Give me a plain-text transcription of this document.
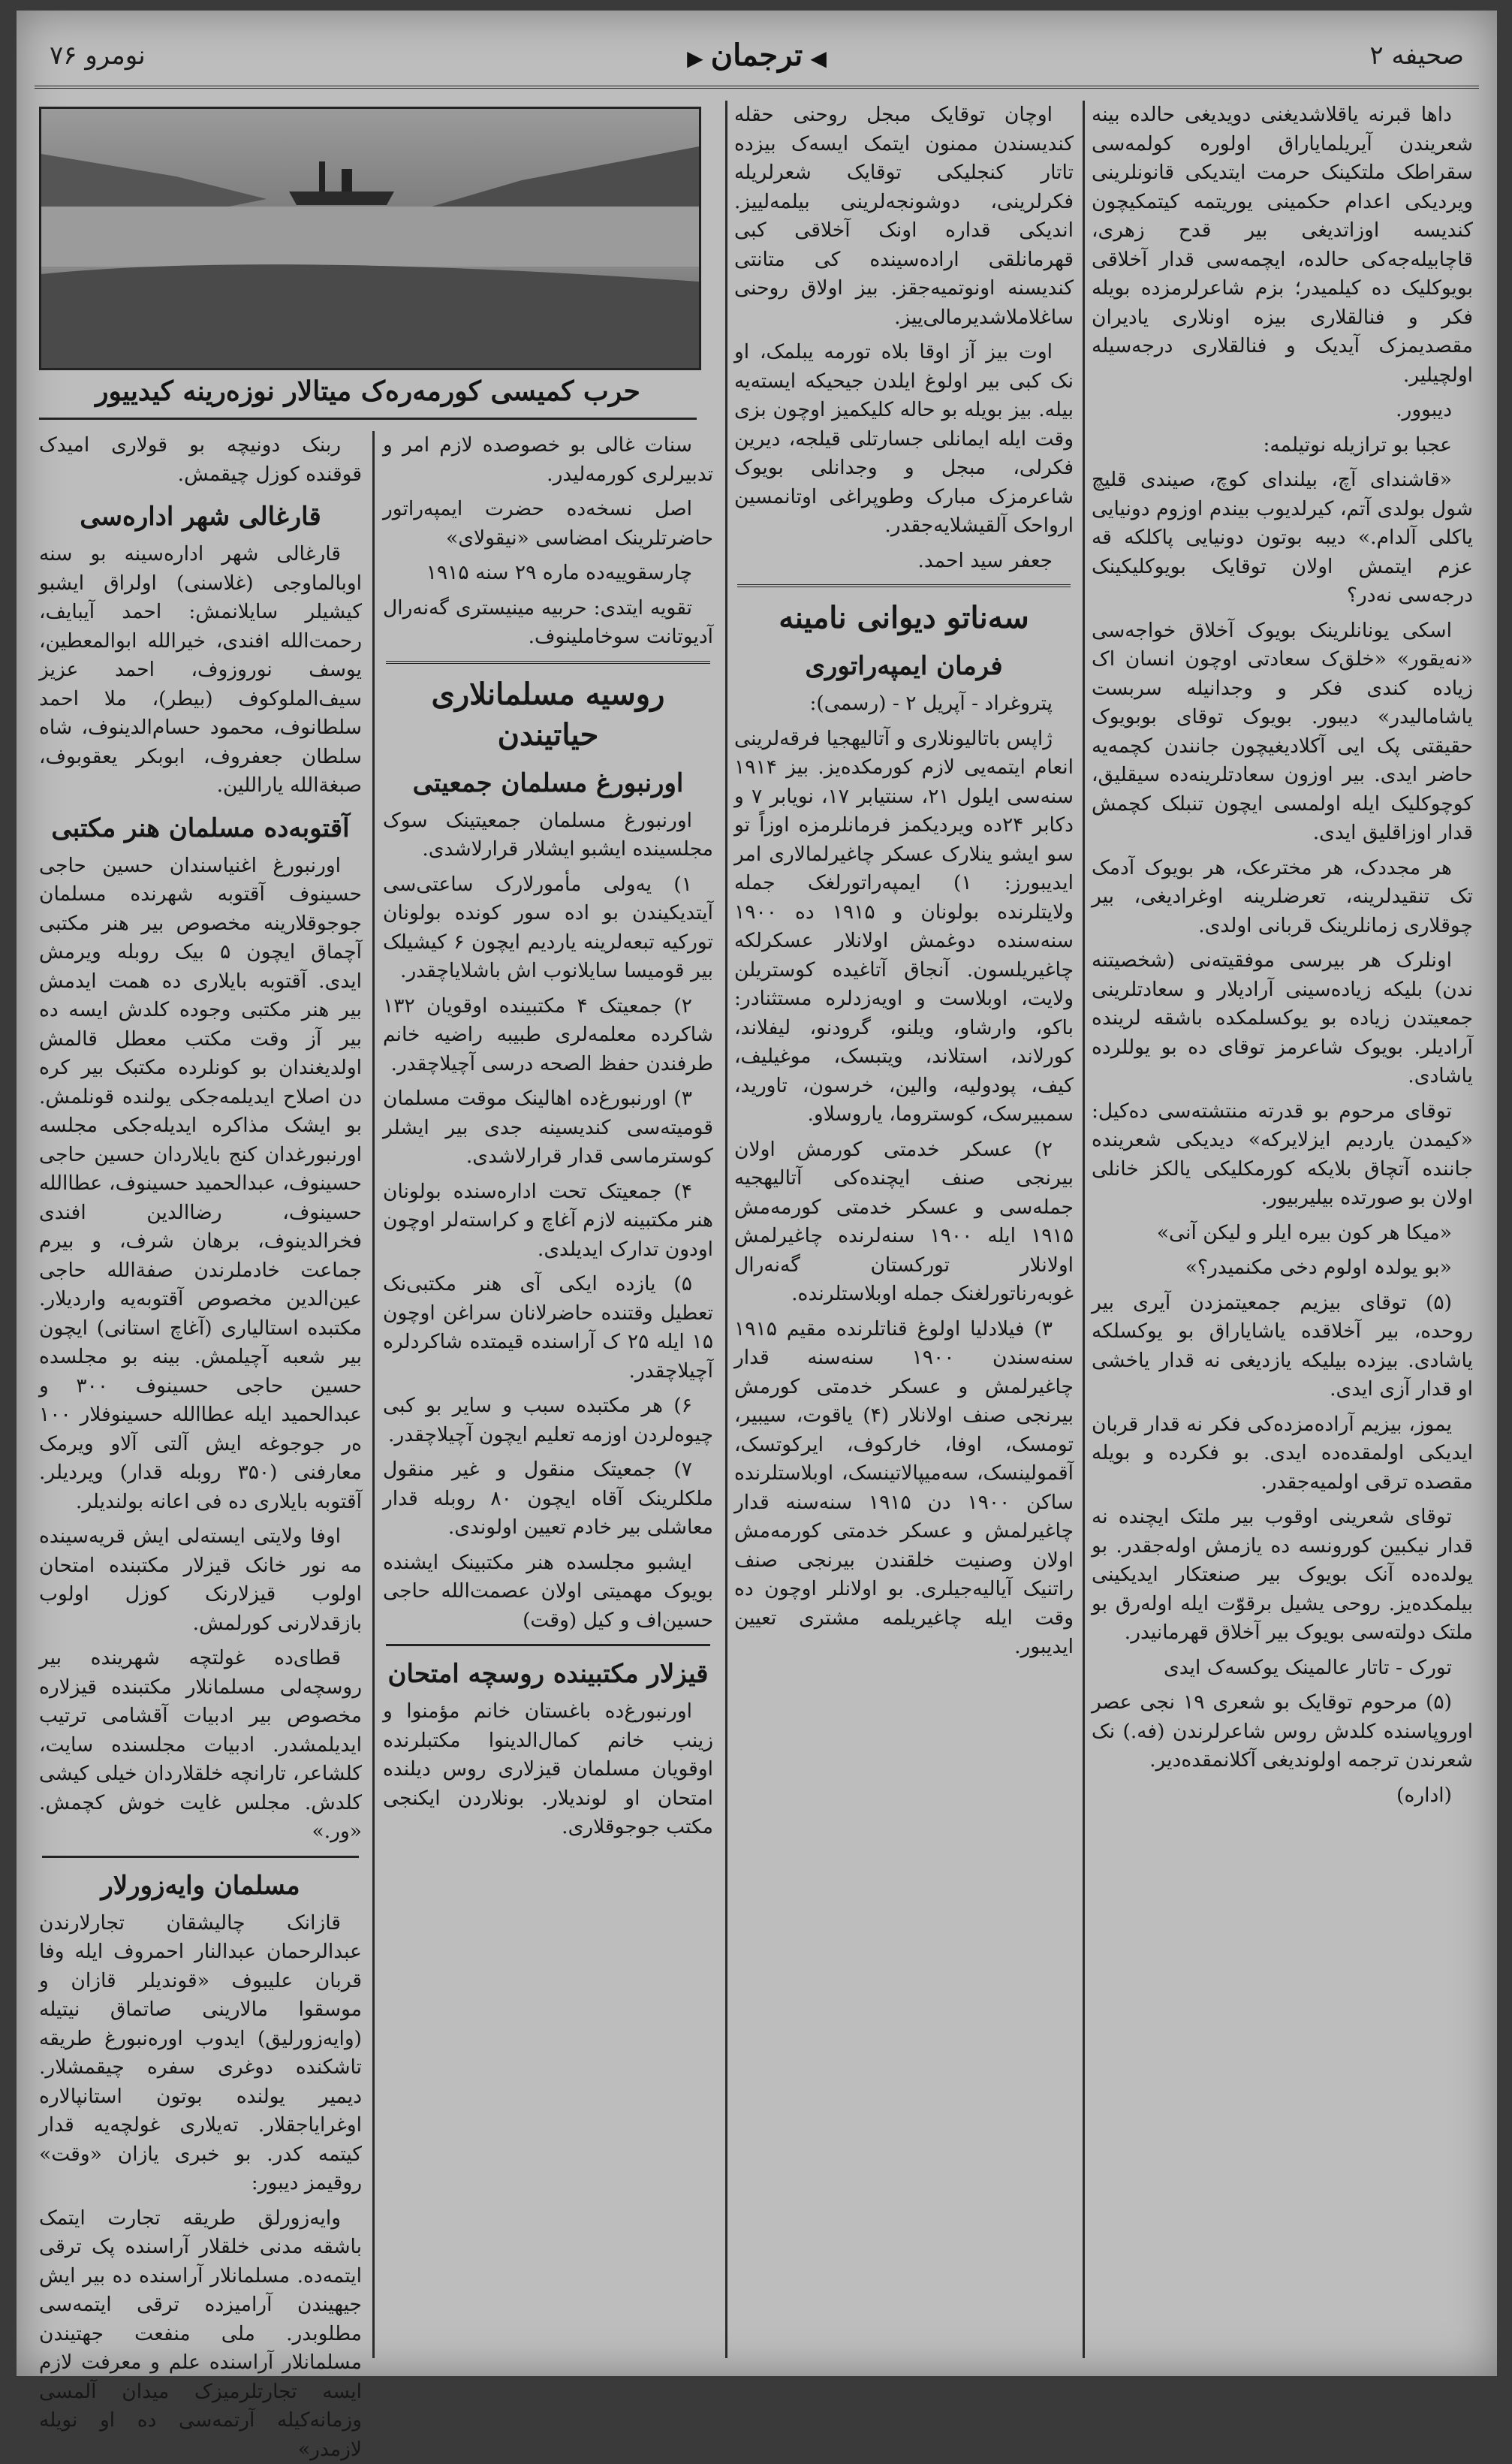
صحیفه ۲
◀ترجمان▶
نومرو ۷۶

داها قبرنه یاقلاشدیغنی دویدیغی حالده بینه شعریندن آیریلمایاراق اولوره کولمه‌سی سقراطک ملتکینک حرمت ایتدیکی قانونلرینی ویردیکی اعدام حکمینی یوریتمه کیتمکیچون کندیسه اوزاتدیغی بیر قدح زهری، قاچابیله‌جه‌کی حالده، ایچمه‌سی قدار آخلاقی بویوکلیک ده کیلمیدر؛ بزم شاعرلرمزده بویله فکر و فنالقلاری بیزه اونلاری یادیران مقصدیمزک آیدیک و فنالقلاری درجه‌سیله اولچیلیر.

دیبوور.

عجبا بو ترازیله نوتیلمه:

«قاشندای آچ، بیلندای کوچ، صیندی قلیچ شول بولدی آتم، کیرلدیوب بیندم اوزوم دونیایی یاکلی آلدام.» دیبه بوتون دونیایی پاکلکه قه عزم ایتمش اولان توقایک بویوکلیکینک درجه‌سی نه‌در؟

اسکی یونانلرینک بویوک آخلاق خواجه‌سی «نه‌یقور» «خلق‌ک سعادتی اوچون انسان اک زیاده کندی فکر و وجدانیله سربست یاشامالیدر» دیبور. بویوک توقای بوبویوک حقیقتی پک ایی آکلادیغیچون جانندن کچمه‌یه حاضر ایدی. بیر اوزون سعادتلرینه‌ده سیقلیق، کوچوکلیک ایله اولمسی ایچون تنبلک کچمش قدار اوزاقلیق ایدی.

هر مجددک، هر مخترعک، هر بویوک آدمک تک تنقیدلرینه، تعرضلرینه اوغرادیغی، بیر چوقلاری زمانلرینک قربانی اولدی.

اونلرک هر بیرسی موفقیته‌نی (شخصیتنه ندن) بلیکه زیاده‌سینی آرادیلار و سعادتلرینی جمعیتدن زیاده بو یوکسلمکده باشقه لرینده آرادیلر. بویوک شاعرمز توقای ده بو یوللرده یاشادی.

توقای مرحوم بو قدرته منتشته‌سی ده‌کیل: «کیمدن یاردیم ایزلایرکه» دیدیکی شعرینده جاننده آتچاق بلایکه کورمکلیکی یالکز خانلی اولان بو صورتده بیلیربیور.

«میکا هر کون بیره ایلر و لیکن آنی»

«بو یولدہ اولوم دخی مکنمیدر؟»

(۵) توقای بیزیم جمعیتمزدن آیری بیر روحده، بیر آخلاقده یاشایاراق بو یوکسلکه یاشادی. بیزده بیلیکه یازدیغی نه قدار یاخشی او قدار آزی ایدی.

یموز، بیزیم آراده‌مزده‌کی فکر نه قدار قربان ایدیکی اولمقده‌ده ایدی. بو فکرده و بویله مقصده ترقی اولمیه‌جقدر.

توقای شعرینی اوقوب بیر ملتک ایچنده نه قدار نیکبین کورونسه ده یازمش اوله‌جقدر. بو یولده‌ده آنک بویوک بیر صنعتکار ایدیکینی بیلمکده‌یز. روحی یشیل برقوّت ایله اوله‌رق بو ملتک دولته‌سی بویوک بیر آخلاق قهرمانیدر.

تورک - تاتار عالمینک یوکسه‌ک ایدی

(۵) مرحوم توقایک بو شعری ۱۹ نجی عصر اوروپاسنده کلدش روس شاعرلرندن (فه.) نک شعرندن ترجمه اولوندیغی آکلانمقده‌دیر.

(اداره)

اوچان توقایک مبجل روحنی حقله کندیسندن ممنون ایتمک ایسه‌ک بیزده تاتار کنجلیکی توقایک شعرلریله فکرلرینی، دوشونجه‌لرینی بیلمه‌لییز. اندیکی قداره اونک آخلاقی کبی قهرمانلقی اراده‌سینده کی متانتی کندیسنه اونوتمیه‌جقز. بیز اولاق روحنی ساغلاملاشدیرمالی‌ییز.

اوت بیز آز اوقا بلاه تورمه یبلمک، او نک کبی بیر اولوغ ایلدن جیحیکه ایسته‌یه بیله. بیز بویله بو حاله کلیکمیز اوچون بزی وقت ایله ایمانلی جسارتلی قیلجه، دیرین فکرلی، مبجل و وجدانلی بویوک شاعرمزک مبارک وطوپراغی اوتانمسین ارواحک آلقیشلایه‌جقدر.

جعفر سید احمد.

سه‌ناتو دیوانی نامینه
فرمان ایمپه‌راتوری

پتروغراد - آپریل ۲ - (رسمی):

ژاپس باتالیونلاری و آتالیهجیا فرقه‌لرینی انعام ایتمه‌یی لازم کورمکده‌یز. بیز ۱۹۱۴ سنه‌سی ایلول ۲۱، سنتیابر ۱۷، نویابر ۷ و دکابر ۲۴ده ویردیکمز فرمانلرمزه اوزاً تو سو ایشو ینلارک عسکر چاغیرلمالاری امر ایدیبورز: ۱) ایمپه‌راتورلغک جمله ولایتلرنده بولونان و ۱۹۱۵ ده ۱۹۰۰ سنه‌سنده دوغمش اولانلار عسکرلکه چاغیریلسون. آنجاق آتاغیده کوستریلن ولایت، اوبلاست و اویه‌زدلره مستثنادر: باکو، وارشاو، ویلنو، گرودنو، لیفلاند، کورلاند، استلاند، ویتبسک، موغیلیف، کیف، پودولیه، والین، خرسون، تاورید، سمبیرسک، کوستروما، یاروسلاو.

۲) عسکر خدمتی کورمش اولان بیرنجی صنف ایچنده‌کی آتالیهجیه جمله‌سی و عسکر خدمتی کورمه‌مش ۱۹۱۵ ایله ۱۹۰۰ سنه‌لرنده چاغیرلمش اولانلار تورکستان گه‌نه‌رال غوبه‌رناتورلغنک جمله اوبلاستلرنده.

۳) فیلادلیا اولوغ قناتلرنده مقیم ۱۹۱۵ سنه‌سندن ۱۹۰۰ سنه‌سنه قدار چاغیرلمش و عسکر خدمتی کورمش بیرنجی صنف اولانلار (۴) یاقوت، سیبیر، تومسک، اوفا، خارکوف، ایرکوتسک، آقمولینسک، سه‌میپالاتینسک، اوبلاستلرنده ساکن ۱۹۰۰ دن ۱۹۱۵ سنه‌سنه قدار چاغیرلمش و عسکر خدمتی کورمه‌مش اولان وصنیت خلقندن بیرنجی صنف راتنیک آیالیه‌جیلری. بو اولانلر اوچون ده وقت ایله چاغیریلمه مشتری تعیین ایدیبور.

حرب کمیسی کورمه‌ره‌ک میتالار نوزه‌رینه کیدییور

سنات غالی بو خصوصده لازم امر و تدبیرلری کورمه‌لیدر.

اصل نسخه‌ده حضرت ایمپه‌راتور حاضرتلرینک امضاسی «نیقولای»

چارسقوییه‌ده ماره ۲۹ سنه ۱۹۱۵

تقویه ایتدی: حربیه مینیستری گه‌نه‌رال آدیوتانت سوخاملینوف.

روسیه مسلمانلاری حیاتیندن
اورنبورغ مسلمان جمعیتی

اورنبورغ مسلمان جمعیتینک سوک مجلسینده ایشبو ایشلار قرارلاشدی.

۱) یه‌ولی مأمورلارک ساعتی‌سی آیتدیکیندن بو اده سور کونده بولونان تورکیه تبعه‌لرینه یاردیم ایچون ۶ کیشیلک بیر قومیسا سایلانوب اش باشلایاچقدر.

۲) جمعیتک ۴ مکتبینده اوقویان ۱۳۲ شاکرده معلمه‌لری طبیبه راضیه خانم طرفندن حفظ الصحه درسی آچیلاچقدر.

۳) اورنبورغ‌ده اهالینک موقت مسلمان قومیته‌سی کندیسینه جدی بیر ایشلر کوسترماسی قدار قرارلاشدی.

۴) جمعیتک تحت اداره‌سنده بولونان هنر مکتبینه لازم آغاچ و کراسته‌لر اوچون اودون تدارک ایدیلدی.

۵) یازده ایکی آی هنر مکتبی‌نک تعطیل وقتنده حاضرلانان سراغن اوچون ۱۵ ایله ۲۵ ک آراسنده قیمتده شاکردلره آچیلاچقدر.

۶) هر مکتبده سبب و سایر بو کبی چیوه‌لردن اوزمه تعلیم ایچون آچیلاچقدر.

۷) جمعیتک منقول و غیر منقول ملکلرینک آقاه ایچون ۸۰ روبله قدار معاشلی بیر خادم تعیین اولوندی.

ایشبو مجلسده هنر مکتبینک ایشنده بویوک مهمیتی اولان عصمت‌الله حاجی حسین‌اف و کیل (وقت)

قیزلار مکتبینده روسچه امتحان

اورنبورغ‌ده باغستان خانم مؤمنوا و زینب خانم کمال‌الدینوا مکتبلرنده اوقویان مسلمان قیزلاری روس دیلنده امتحان او لوندیلار. بونلاردن ایکنجی مکتب جوجوقلاری.

ربنک دونیچه بو قولاری امیدک قوقنده کوزل چیقمش.

قارغالی شهر اداره‌سی

قارغالی شهر اداره‌سینه بو سنه اوبالماوجی (غلاسنی) اولراق ایشبو کیشیلر سایلانمش: احمد آیبایف، رحمت‌الله افندی، خیرالله ابوالمعطین، یوسف نوروزوف، احمد عزیز سیف‌الملوکوف (بیطر)، ملا احمد سلطانوف، محمود حسام‌الدینوف، شاه سلطان جعفروف، ابوبکر یعقوبوف، صبغة‌الله یاراللین.

آقتوبه‌ده مسلمان هنر مکتبی

اورنبورغ اغنیاسندان حسین حاجی حسینوف آقتوبه شهرنده مسلمان جوجوقلارینه مخصوص بیر هنر مکتبی آچماق ایچون ۵ بیک روبله ویرمش ایدی. آقتوبه بایلاری ده همت ایدمش بیر هنر مکتبی وجوده کلدش ایسه ده بیر آز وقت مکتب معطل قالمش اولدیغندان بو کونلرده مکتبک بیر کره دن اصلاح ایدیلمه‌جکی یولنده قونلمش. بو ایشک مذاکره ایدیله‌جکی مجلسه اورنبورغدان کنج بایلاردان حسین حاجی حسینوف، عبدالحمید حسینوف، عطاالله حسینوف، رضاالدین افندی فخرالدینوف، برهان شرف، و بیرم جماعت خادملرندن صفة‌الله حاجی عین‌الدین مخصوص آقتوبه‌یه واردیلار. مکتبده استالیاری (آغاچ استانی) ایچون بیر شعبه آچیلمش. بینه بو مجلسده حسین حاجی حسینوف ۳۰۰ و عبدالحمید ایله عطاالله حسینوفلار ۱۰۰ ه‌ر جوجوغه ایش آلتی آلاو ویرمک معارفنی (۳۵۰ روبله قدار) ویردیلر. آقتوبه بایلاری ده فی اعانه بولندیلر.

اوفا ولایتی ایسته‌لی ایش قریه‌سینده مه نور خانک قیزلار مکتبنده امتحان اولوب قیزلارنک کوزل اولوب بازقدلارنی کورلمش.

قطای‌ده غولتچه شهرینده بیر روسچه‌لی مسلمانلار مکتبنده قیزلاره مخصوص بیر ادبیات آقشامی ترتیب ایدیلمشدر. ادبیات مجلسنده سایت، کلشاعر، تارانچه خلقلاردان خیلی کیشی کلدش. مجلس غایت خوش کچمش. «ور.»

مسلمان وایه‌زورلار

قازانک چالیشقان تجارلارندن عبدالرحمان عبدالنار احمروف ایله وفا قربان علیبوف «قوندیلر قازان و موسقوا مالارینی صاتماق نیتیله (وایه‌زورلیق) ایدوب اوره‌نبورغ طریقه تاشکنده دوغری سفره چیقمشلار. دیمیر یولنده بوتون استانپالاره اوغرایاجقلار. ته‌یلاری غولچه‌یه قدار کیتمه کدر. بو خبری یازان «وقت» روقیمز دیبور:

وایه‌زورلق طریقه تجارت ایتمک باشقه مدنی خلقلار آراسنده پک ترقی ایتمه‌ده. مسلمانلار آراسنده ده بیر ایش جیهیندن آرامیزده ترقی ایتمه‌سی مطلوبدر. ملی منفعت جهتیندن مسلمانلار آراسنده علم و معرفت لازم ایسه تجارتلرمیزک میدان آلمسی وزمانه‌کیله آرتمه‌سی ده او نویله لازمدر»
